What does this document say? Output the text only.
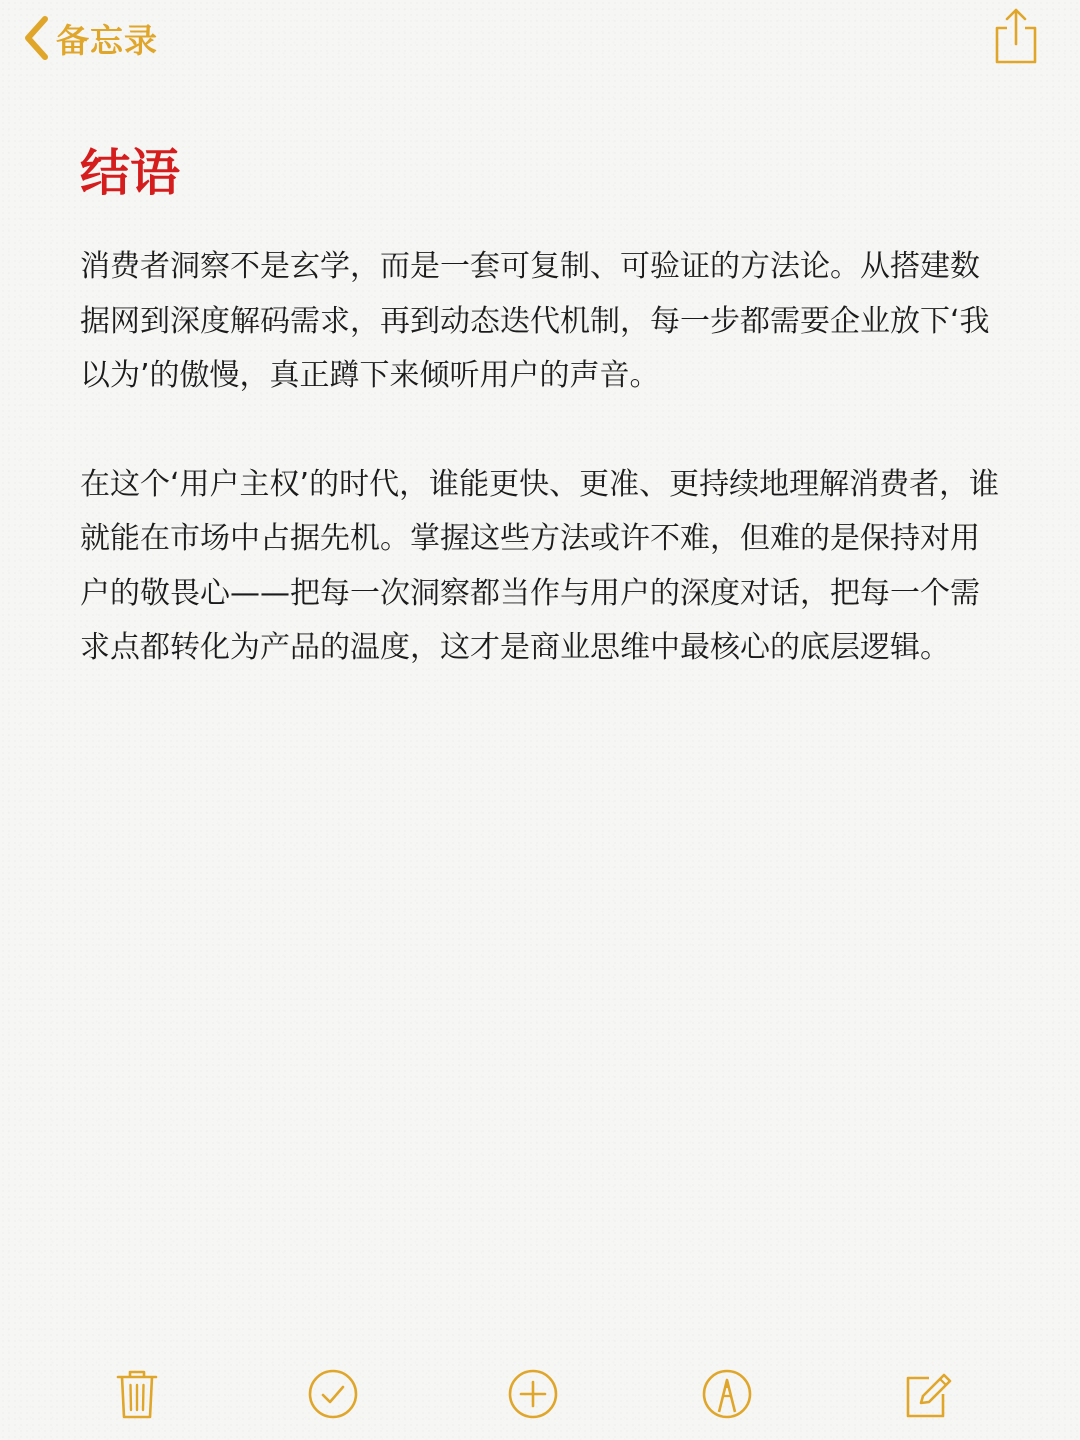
备忘录
结语

消费者洞察不是玄学，而是一套可复制、可验证的方法论。从搭建数据网到深度解码需求，再到动态迭代机制，每一步都需要企业放下‘我以为’的傲慢，真正蹲下来倾听用户的声音。

在这个‘用户主权’的时代，谁能更快、更准、更持续地理解消费者，谁就能在市场中占据先机。掌握这些方法或许不难，但难的是保持对用户的敬畏心——把每一次洞察都当作与用户的深度对话，把每一个需求点都转化为产品的温度，这才是商业思维中最核心的底层逻辑。
